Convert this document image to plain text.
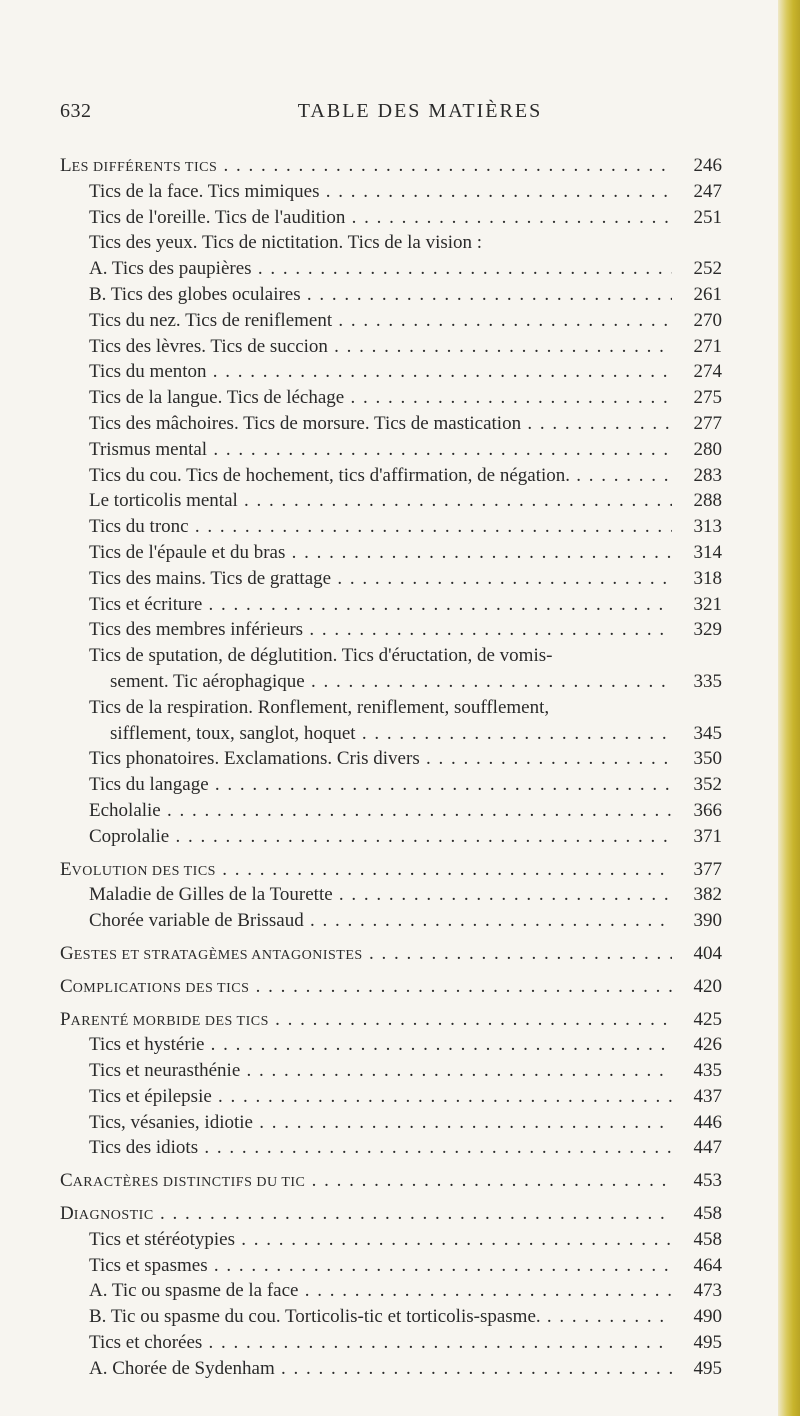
632	TABLE DES MATIÈRES
LES DIFFÉRENTS TICS . . .	246
Tics de la face. Tics mimiques . . .	247
Tics de l'oreille. Tics de l'audition . . .	251
Tics des yeux. Tics de nictitation. Tics de la vision :
A. Tics des paupières . . .	252
B. Tics des globes oculaires . . .	261
Tics du nez. Tics de reniflement . . .	270
Tics des lèvres. Tics de succion . . .	271
Tics du menton . . .	274
Tics de la langue. Tics de léchage . . .	275
Tics des mâchoires. Tics de morsure. Tics de mastication . . .	277
Trismus mental . . .	280
Tics du cou. Tics de hochement, tics d'affirmation, de négation. . . .	283
Le torticolis mental . . .	288
Tics du tronc . . .	313
Tics de l'épaule et du bras . . .	314
Tics des mains. Tics de grattage . . .	318
Tics et écriture . . .	321
Tics des membres inférieurs . . .	329
Tics de sputation, de déglutition. Tics d'éructation, de vomis-
sement. Tic aérophagique . . .	335
Tics de la respiration. Ronflement, reniflement, soufflement,
sifflement, toux, sanglot, hoquet . . .	345
Tics phonatoires. Exclamations. Cris divers . . .	350
Tics du langage . . .	352
Echolalie . . .	366
Coprolalie . . .	371
EVOLUTION DES TICS . . .	377
Maladie de Gilles de la Tourette . . .	382
Chorée variable de Brissaud . . .	390
GESTES ET STRATAGÈMES ANTAGONISTES . . .	404
COMPLICATIONS DES TICS . . .	420
PARENTÉ MORBIDE DES TICS . . .	425
Tics et hystérie . . .	426
Tics et neurasthénie . . .	435
Tics et épilepsie . . .	437
Tics, vésanies, idiotie . . .	446
Tics des idiots . . .	447
CARACTÈRES DISTINCTIFS DU TIC . . .	453
DIAGNOSTIC . . .	458
Tics et stéréotypies . . .	458
Tics et spasmes . . .	464
A. Tic ou spasme de la face . . .	473
B. Tic ou spasme du cou. Torticolis-tic et torticolis-spasme. . . .	490
Tics et chorées . . .	495
A. Chorée de Sydenham . . .	495
